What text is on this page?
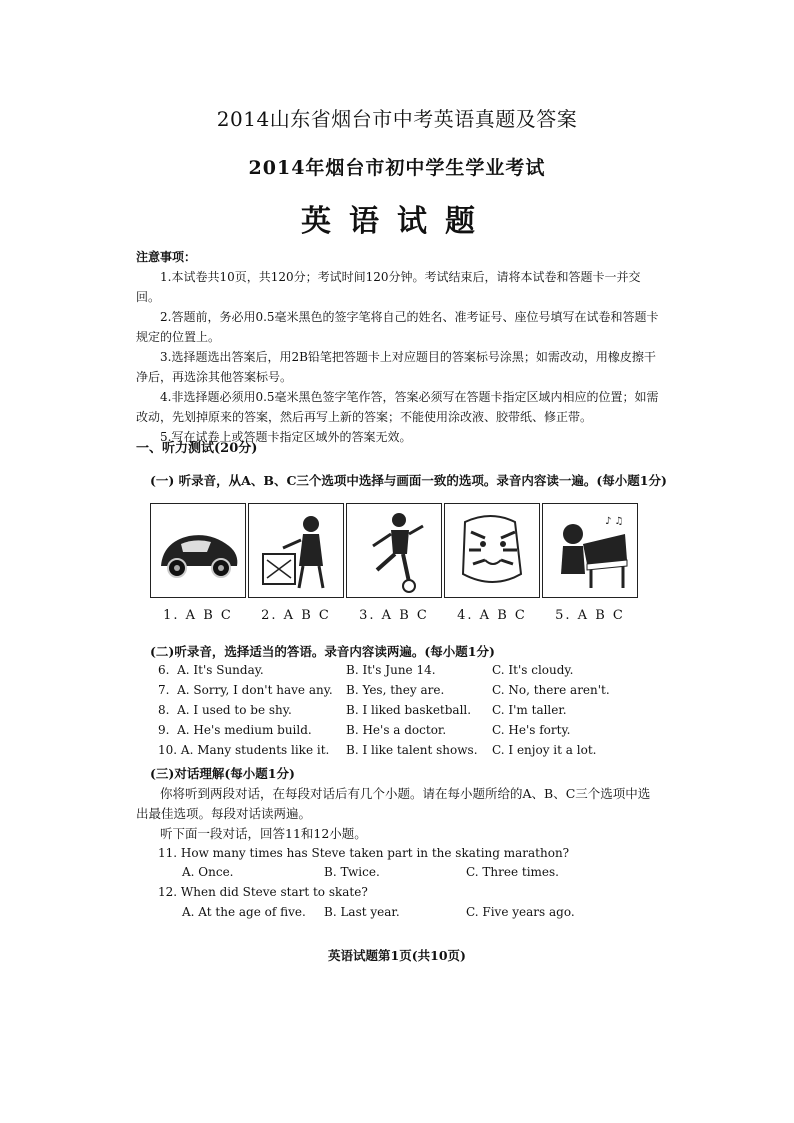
2014山东省烟台市中考英语真题及答案
2014年烟台市初中学生学业考试
英语试题

注意事项：

1.本试卷共10页，共120分；考试时间120分钟。考试结束后，请将本试卷和答题卡一并交回。

2.答题前，务必用0.5毫米黑色的签字笔将自己的姓名、准考证号、座位号填写在试卷和答题卡规定的位置上。

3.选择题选出答案后，用2B铅笔把答题卡上对应题目的答案标号涂黑；如需改动，用橡皮擦干净后，再选涂其他答案标号。

4.非选择题必须用0.5毫米黑色签字笔作答，答案必须写在答题卡指定区域内相应的位置；如需改动，先划掉原来的答案，然后再写上新的答案；不能使用涂改液、胶带纸、修正带。

5.写在试卷上或答题卡指定区域外的答案无效。

一、听力测试(20分)
(一) 听录音，从A、B、C三个选项中选择与画面一致的选项。录音内容读一遍。(每小题1分)
♪ ♫
1. A B C	2. A B C	3. A B C	4. A B C	5. A B C
(二)听录音，选择适当的答语。录音内容读两遍。(每小题1分)
6. A. It's Sunday.	B. It's June 14.	C. It's cloudy.
7. A. Sorry, I don't have any. B. Yes, they are.	C. No, there aren't.
8. A. I used to be shy.	B. I liked basketball. C. I'm taller.
9. A. He's medium build.	B. He's a doctor.	C. He's forty.
10. A. Many students like it. B. I like talent shows. C. I enjoy it a lot.
(三)对话理解(每小题1分)

你将听到两段对话，在每段对话后有几个小题。请在每小题所给的A、B、C三个选项中选

出最佳选项。每段对话读两遍。

听下面一段对话，回答11和12小题。

11. How many times has Steve taken part in the skating marathon?
A. Once.	B. Twice.	C. Three times.
12. When did Steve start to skate?
A. At the age of five. B. Last year.	C. Five years ago.
英语试题第1页(共10页)
